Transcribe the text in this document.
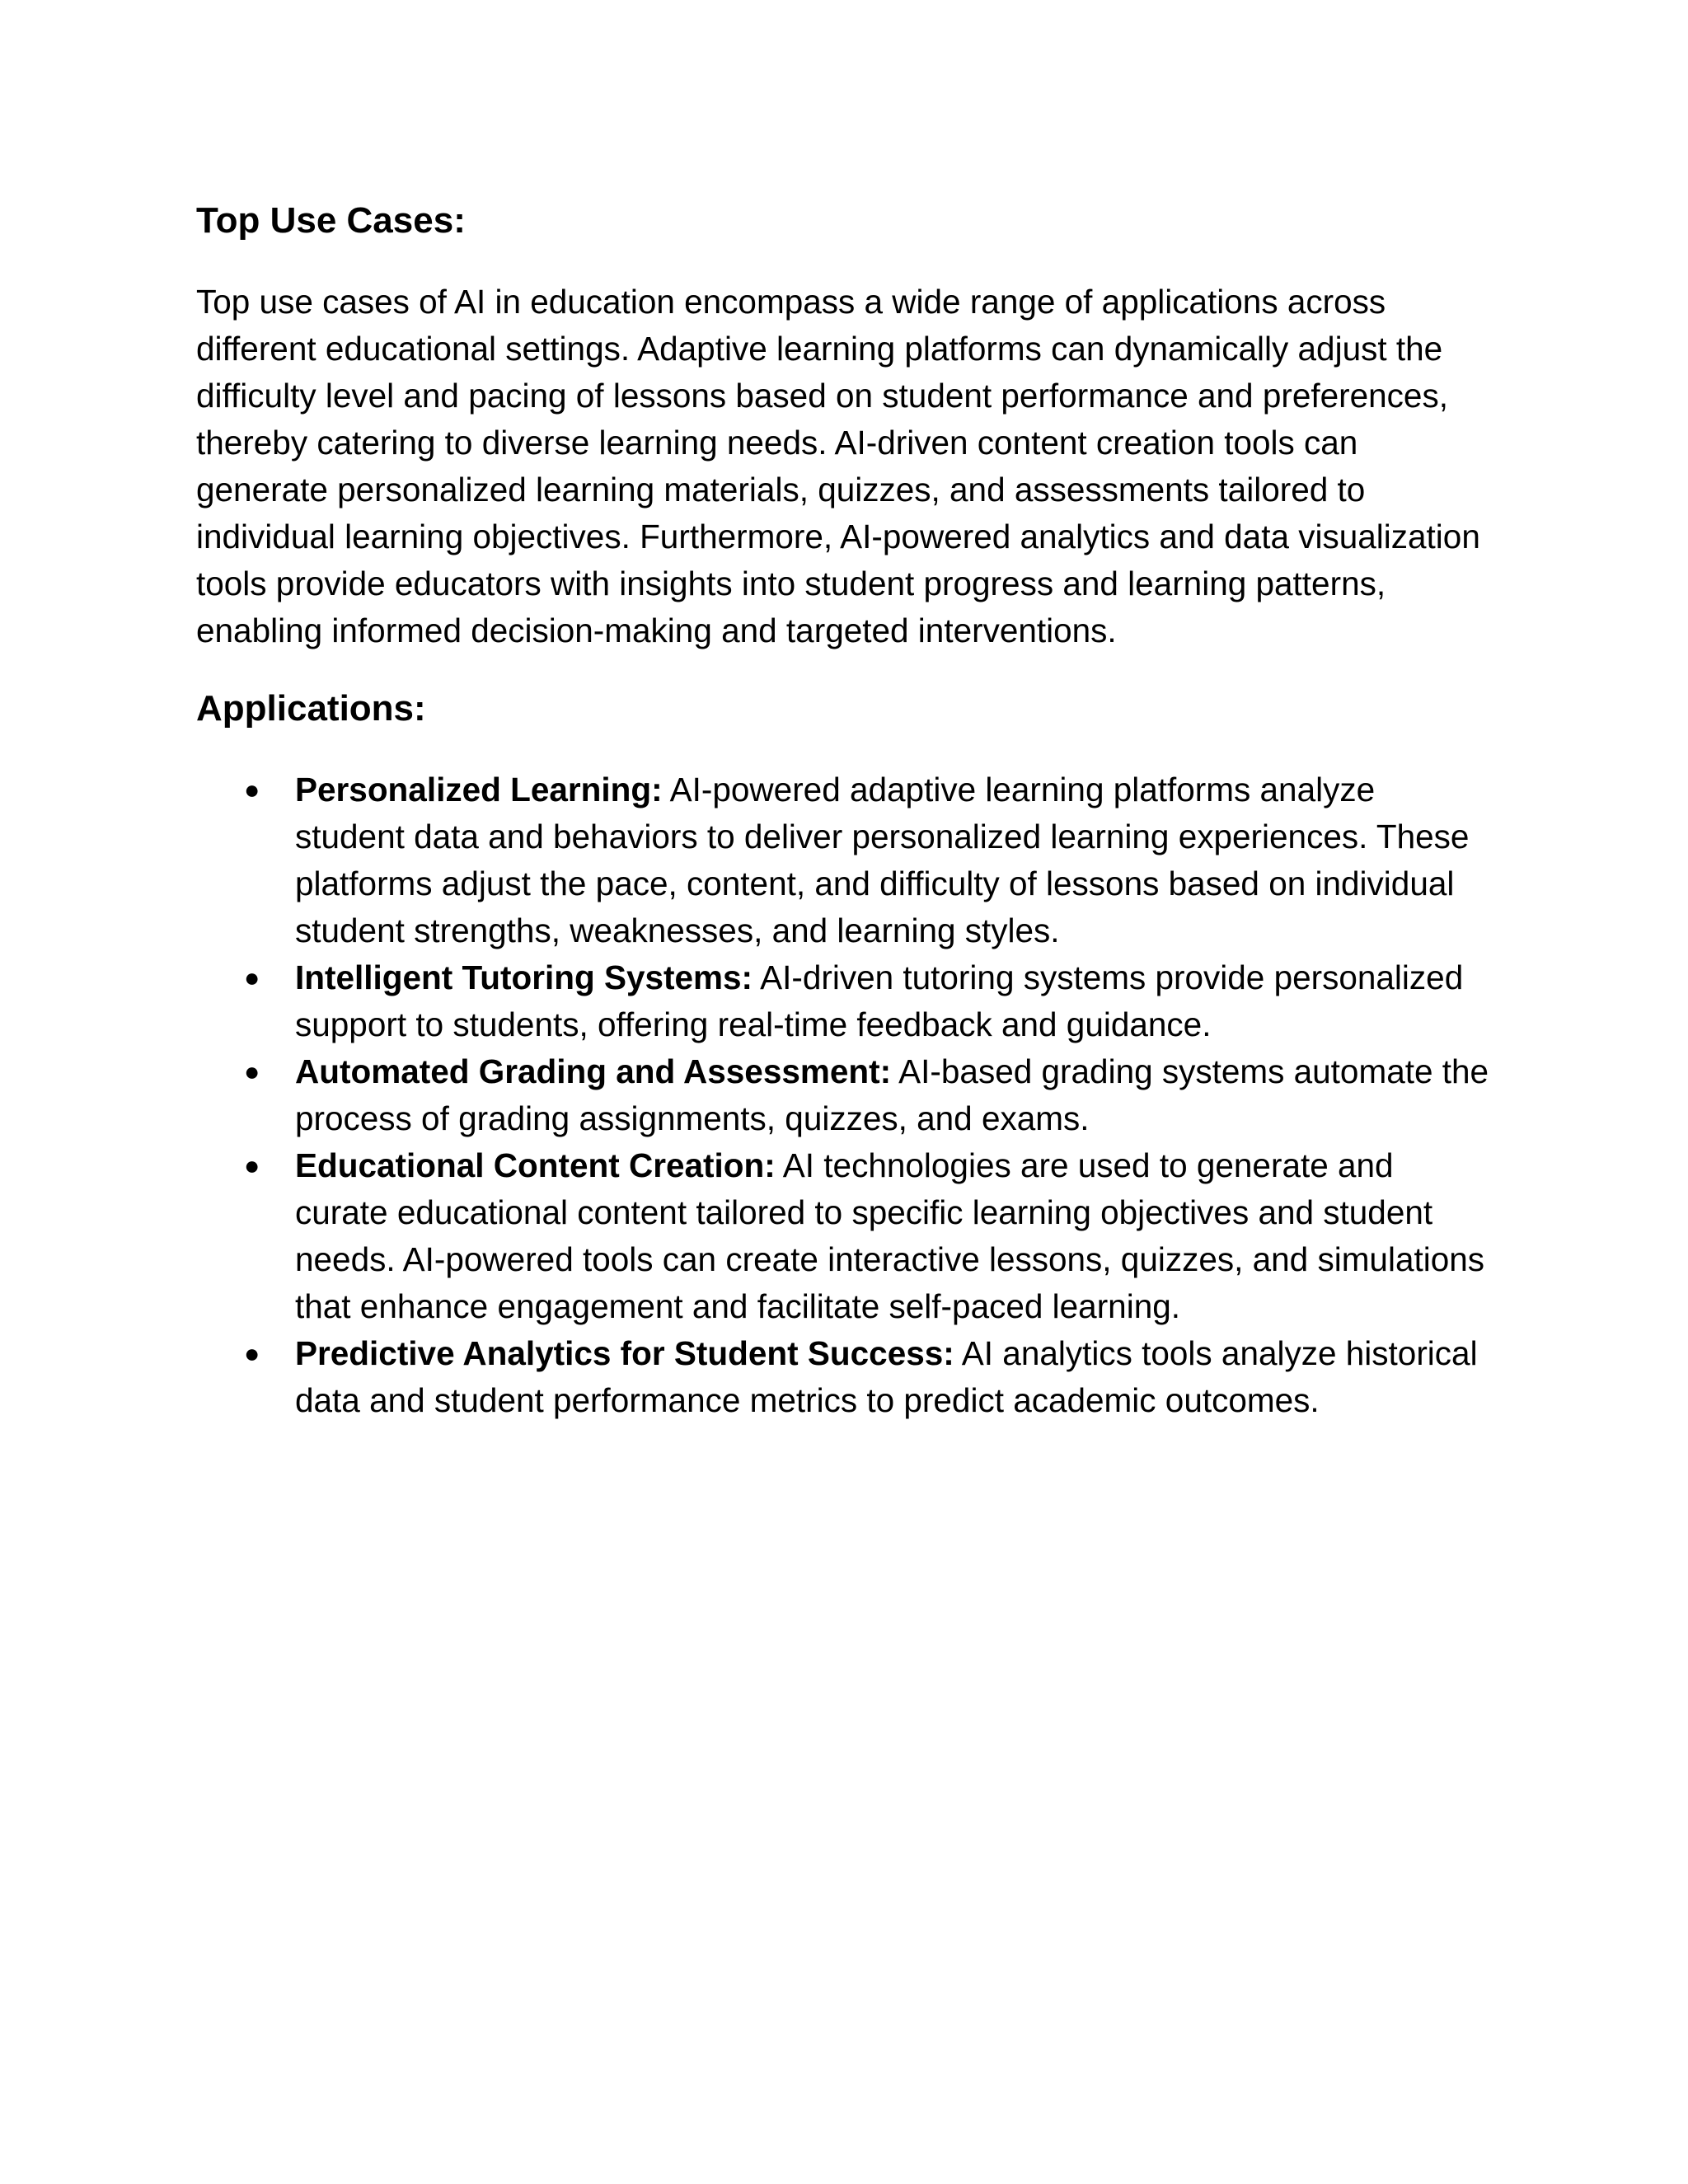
Top Use Cases:

Top use cases of AI in education encompass a wide range of applications across different educational settings. Adaptive learning platforms can dynamically adjust the difficulty level and pacing of lessons based on student performance and preferences, thereby catering to diverse learning needs. AI-driven content creation tools can generate personalized learning materials, quizzes, and assessments tailored to individual learning objectives. Furthermore, AI-powered analytics and data visualization tools provide educators with insights into student progress and learning patterns, enabling informed decision-making and targeted interventions.

Applications:
● Personalized Learning: AI-powered adaptive learning platforms analyze student data and behaviors to deliver personalized learning experiences. These platforms adjust the pace, content, and difficulty of lessons based on individual student strengths, weaknesses, and learning styles.
● Intelligent Tutoring Systems: AI-driven tutoring systems provide personalized support to students, offering real-time feedback and guidance.
● Automated Grading and Assessment: AI-based grading systems automate the process of grading assignments, quizzes, and exams.
● Educational Content Creation: AI technologies are used to generate and curate educational content tailored to specific learning objectives and student needs. AI-powered tools can create interactive lessons, quizzes, and simulations that enhance engagement and facilitate self-paced learning.
● Predictive Analytics for Student Success: AI analytics tools analyze historical data and student performance metrics to predict academic outcomes.
